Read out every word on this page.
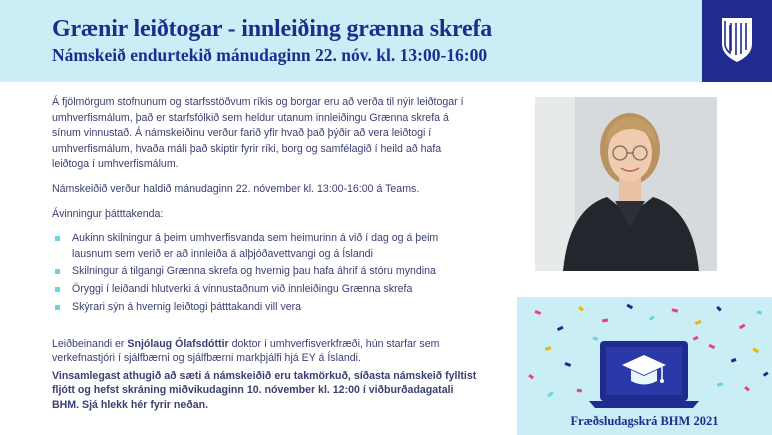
Grænir leiðtogar - innleiðing grænna skrefa
Námskeið endurtekið mánudaginn 22. nóv. kl. 13:00-16:00

Á fjölmörgum stofnunum og starfsstöðvum ríkis og borgar eru að verða til nýir leiðtogar í umhverfismálum, það er starfsfólkið sem heldur utanum innleiðingu Grænna skrefa á sínum vinnustað. Á námskeiðinu verður farið yfir hvað það þýðir að vera leiðtogi í umhverfismálum, hvaða máli það skiptir fyrir ríki, borg og samfélagið í heild að hafa leiðtoga í umhverfismálum.

Námskeiðið verður haldið mánudaginn 22. nóvember kl. 13:00-16:00 á Teams.

Ávinningur þátttakenda:

Aukinn skilningur á þeim umhverfisvanda sem heimurinn á við í dag og á þeim lausnum sem verið er að innleiða á alþjóðavettvangi og á Íslandi
Skilningur á tilgangi Grænna skrefa og hvernig þau hafa áhrif á stóru myndina
Öryggi í leiðandi hlutverki á vinnustaðnum við innleiðingu Grænna skrefa
Skýrari sýn á hvernig leiðtogi þátttakandi vill vera

Leiðbeinandi er Snjólaug Ólafsdóttir doktor í umhverfisverkfræði, hún starfar sem verkefnastjóri í sjálfbærni og sjálfbærni markþjálfi hjá EY á Íslandi.

Vinsamlegast athugið að sæti á námskeiðið eru takmörkuð, síðasta námskeið fylltist fljótt og hefst skráning miðvikudaginn 10. nóvember kl. 12:00 í viðburðadagatali BHM. Sjá hlekk hér fyrir neðan.

Fræðsludagskrá BHM 2021
